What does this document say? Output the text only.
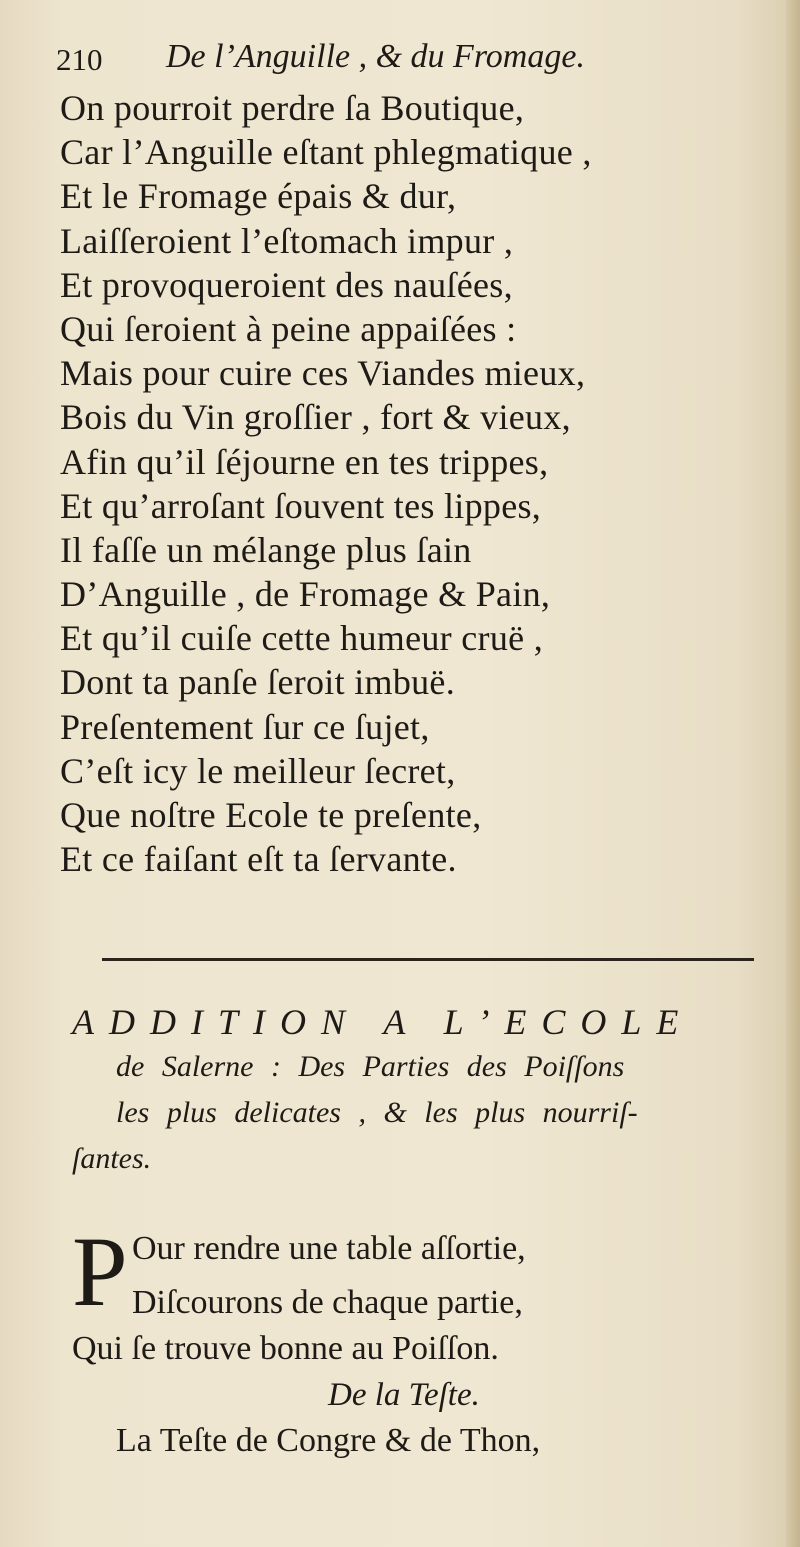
210 De l’Anguille , & du Fromage.
On pourroit perdre ſa Boutique,
Car l’Anguille eſtant phlegmatique ,
Et le Fromage épais & dur,
Laiſſeroient l’eſtomach impur ,
Et provoqueroient des nauſées,
Qui ſeroient à peine appaiſées :
Mais pour cuire ces Viandes mieux,
Bois du Vin groſſier , fort & vieux,
Afin qu’il ſéjourne en tes trippes,
Et qu’arroſant ſouvent tes lippes,
Il faſſe un mélange plus ſain
D’Anguille , de Fromage & Pain,
Et qu’il cuiſe cette humeur cruë ,
Dont ta panſe ſeroit imbuë.
Preſentement ſur ce ſujet,
C’eſt icy le meilleur ſecret,
Que noſtre Ecole te preſente,
Et ce faiſant eſt ta ſervante.
ADDITION A L’ECOLE
de Salerne : Des Parties des Poiſſons
les plus delicates , & les plus nourriſ-
ſantes.
P Our rendre une table aſſortie,
Diſcourons de chaque partie,
Qui ſe trouve bonne au Poiſſon.
De la Teſte.
La Teſte de Congre & de Thon,
